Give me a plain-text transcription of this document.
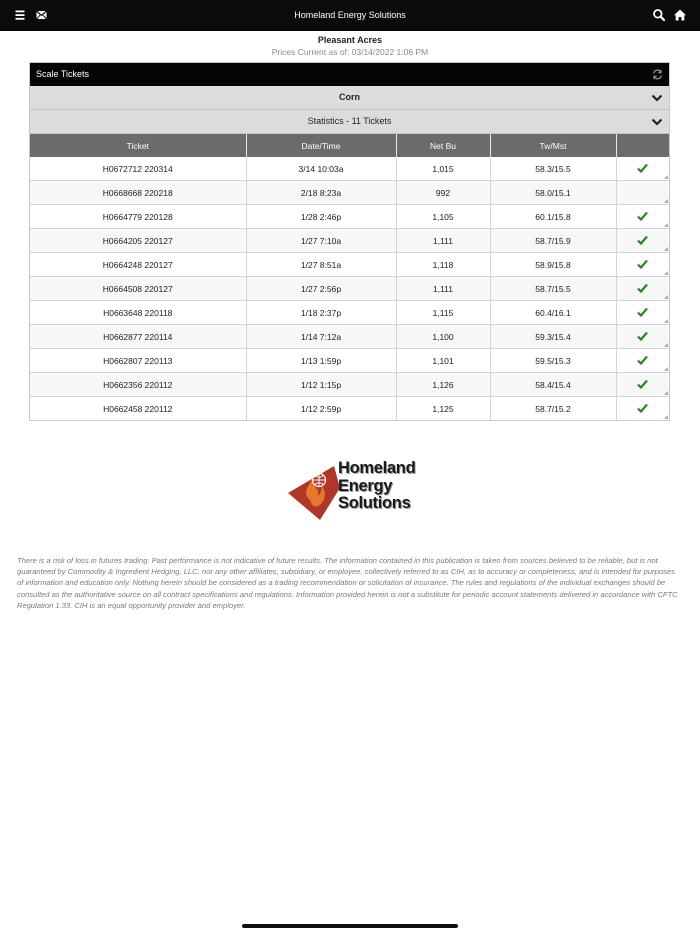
Homeland Energy Solutions
Pleasant Acres
Prices Current as of: 03/14/2022 1:06 PM
Scale Tickets
Corn
Statistics - 11 Tickets
Ticket	Date/Time	Net Bu	Tw/Mst	
H0672712 220314	3/14 10:03a	1,015	58.3/15.5	

H0668668 220218	2/18 8:23a	992	58.0/15.1	

H0664779 220128	1/28 2:46p	1,105	60.1/15.8	

H0664205 220127	1/27 7:10a	1,111	58.7/15.9	

H0664248 220127	1/27 8:51a	1,118	58.9/15.8	

H0664508 220127	1/27 2:56p	1,111	58.7/15.5	

H0663648 220118	1/18 2:37p	1,115	60.4/16.1	

H0662877 220114	1/14 7:12a	1,100	59.3/15.4	

H0662807 220113	1/13 1:59p	1,101	59.5/15.3	

H0662356 220112	1/12 1:15p	1,126	58.4/15.4	

H0662458 220112	1/12 2:59p	1,125	58.7/15.2	
Homeland
Energy
Solutions
There is a risk of loss in futures trading. Past performance is not indicative of future results. The information contained in this publication is taken from sources believed to be reliable, but is not guaranteed by Commodity & Ingredient Hedging, LLC, nor any other affiliates, subsidiary, or employee, collectively referred to as CIH, as to accuracy or completeness, and is intended for purposes of information and education only. Nothing herein should be considered as a trading recommendation or solicitation of insurance. The rules and regulations of the individual exchanges should be consulted as the authoritative source on all contract specifications and regulations. Information provided herein is not a substitute for periodic account statements delivered in accordance with CFTC Regulation 1.33. CIH is an equal opportunity provider and employer.
